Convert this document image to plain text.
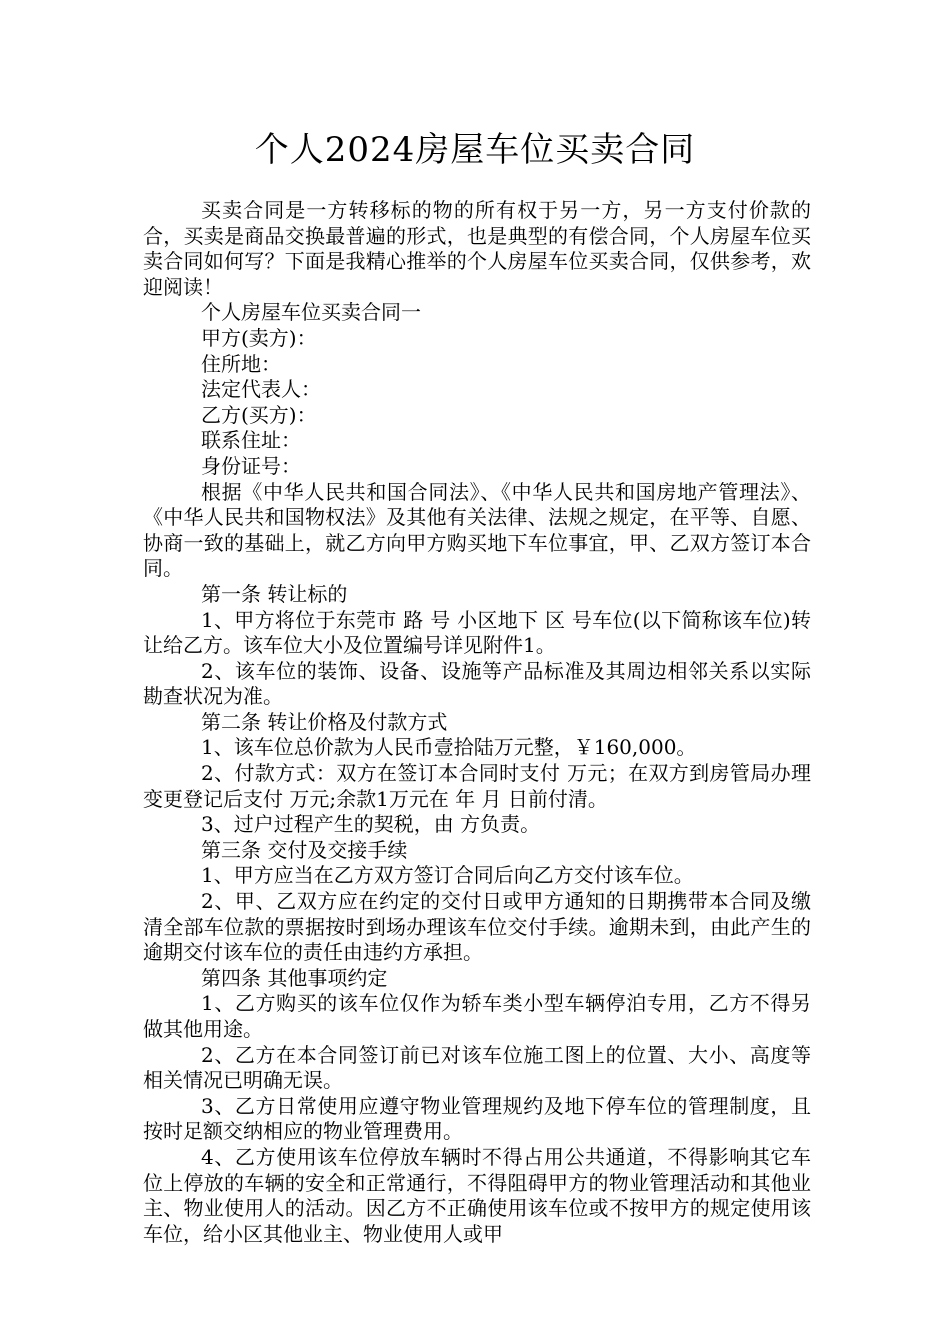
个人2024房屋车位买卖合同

买卖合同是一方转移标的物的所有权于另一方，另一方支付价款的合，买卖是商品交换最普遍的形式，也是典型的有偿合同，个人房屋车位买卖合同如何写？下面是我精心推举的个人房屋车位买卖合同，仅供参考，欢迎阅读！

个人房屋车位买卖合同一

甲方(卖方)：

住所地：

法定代表人：

乙方(买方)：

联系住址：

身份证号：

根据《中华人民共和国合同法》、《中华人民共和国房地产管理法》、《中华人民共和国物权法》及其他有关法律、法规之规定，在平等、自愿、协商一致的基础上，就乙方向甲方购买地下车位事宜，甲、乙双方签订本合同。

第一条 转让标的

1、甲方将位于东莞市 路 号 小区地下 区 号车位(以下简称该车位)转让给乙方。该车位大小及位置编号详见附件1。

2、该车位的装饰、设备、设施等产品标准及其周边相邻关系以实际勘查状况为准。

第二条 转让价格及付款方式

1、该车位总价款为人民币壹拾陆万元整，￥160,000。

2、付款方式：双方在签订本合同时支付 万元；在双方到房管局办理变更登记后支付 万元;余款1万元在 年 月 日前付清。

3、过户过程产生的契税，由 方负责。

第三条 交付及交接手续

1、甲方应当在乙方双方签订合同后向乙方交付该车位。

2、甲、乙双方应在约定的交付日或甲方通知的日期携带本合同及缴清全部车位款的票据按时到场办理该车位交付手续。逾期未到，由此产生的逾期交付该车位的责任由违约方承担。

第四条 其他事项约定

1、乙方购买的该车位仅作为轿车类小型车辆停泊专用，乙方不得另做其他用途。

2、乙方在本合同签订前已对该车位施工图上的位置、大小、高度等相关情况已明确无误。

3、乙方日常使用应遵守物业管理规约及地下停车位的管理制度，且按时足额交纳相应的物业管理费用。

4、乙方使用该车位停放车辆时不得占用公共通道，不得影响其它车位上停放的车辆的安全和正常通行，不得阻碍甲方的物业管理活动和其他业主、物业使用人的活动。因乙方不正确使用该车位或不按甲方的规定使用该车位，给小区其他业主、物业使用人或甲
